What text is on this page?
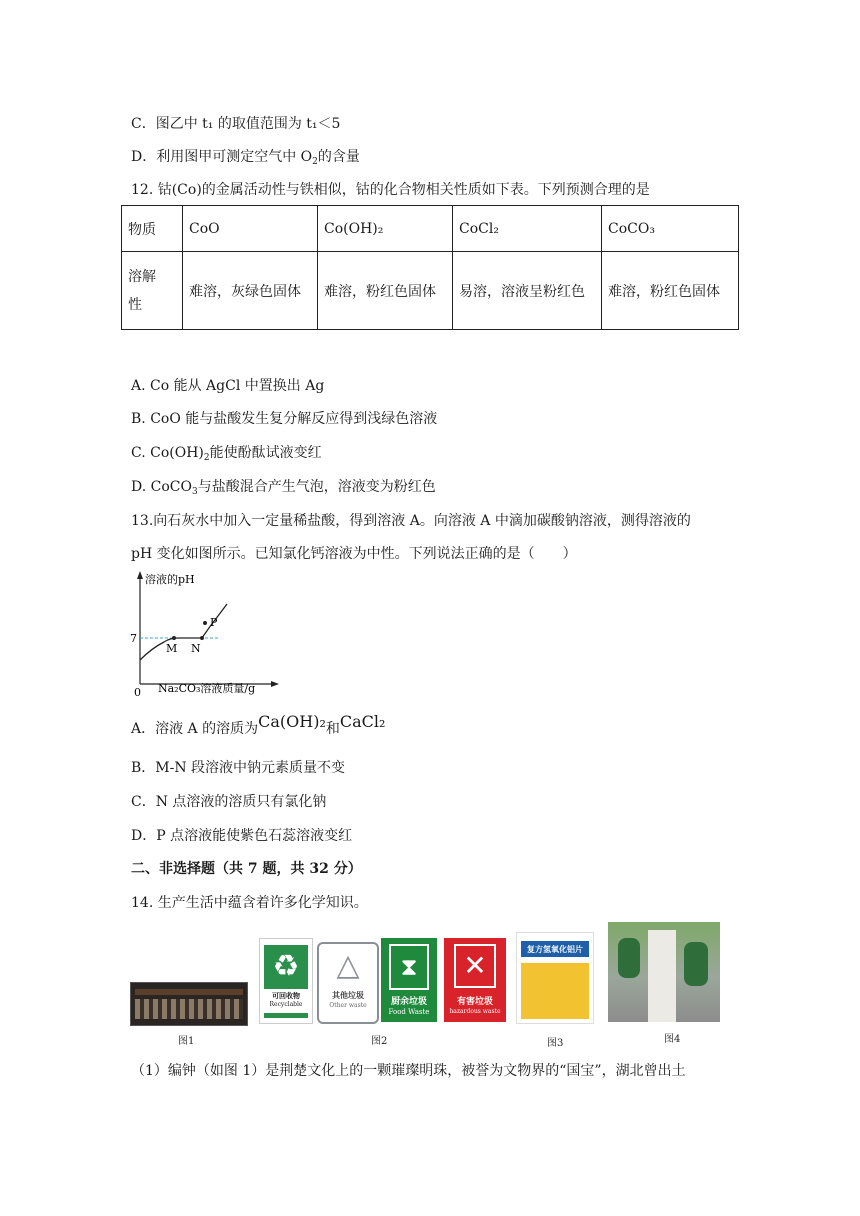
C．图乙中 t₁ 的取值范围为 t₁＜5
D．利用图甲可测定空气中 $O_2$的含量
12. 钴(Co)的金属活动性与铁相似，钴的化合物相关性质如下表。下列预测合理的是
物质	CoO	Co(OH)₂	CoCl₂	CoCO₃
溶解
性	难溶，灰绿色固体	难溶，粉红色固体	易溶，溶液呈粉红色	难溶，粉红色固体
A. Co 能从 AgCl 中置换出 Ag
B. CoO 能与盐酸发生复分解反应得到浅绿色溶液
C. $Co(OH)_2$能使酚酞试液变红
D. CoCO$_3$与盐酸混合产生气泡，溶液变为粉红色
13.向石灰水中加入一定量稀盐酸，得到溶液 A。向溶液 A 中滴加碳酸钠溶液，测得溶液的
pH 变化如图所示。已知氯化钙溶液为中性。下列说法正确的是（　　）
溶液的pH
7
0 Na₂CO₃溶液质量/g
M N
P
A．溶液 A 的溶质为Ca(OH)₂和CaCl₂
B．M-N 段溶液中钠元素质量不变
C．N 点溶液的溶质只有氯化钠
D．P 点溶液能使紫色石蕊溶液变红
二、非选择题（共 7 题，共 32 分）
14. 生产生活中蕴含着许多化学知识。
图1
♻
可回收物
Recyclable
△
其他垃圾
Other waste
⧗
厨余垃圾
Food Waste
✕
有害垃圾
hazardous waste
图2
复方氢氧化铝片
图3	图4
（1）编钟（如图 1）是荆楚文化上的一颗璀璨明珠，被誉为文物界的“国宝”，湖北曾出土
